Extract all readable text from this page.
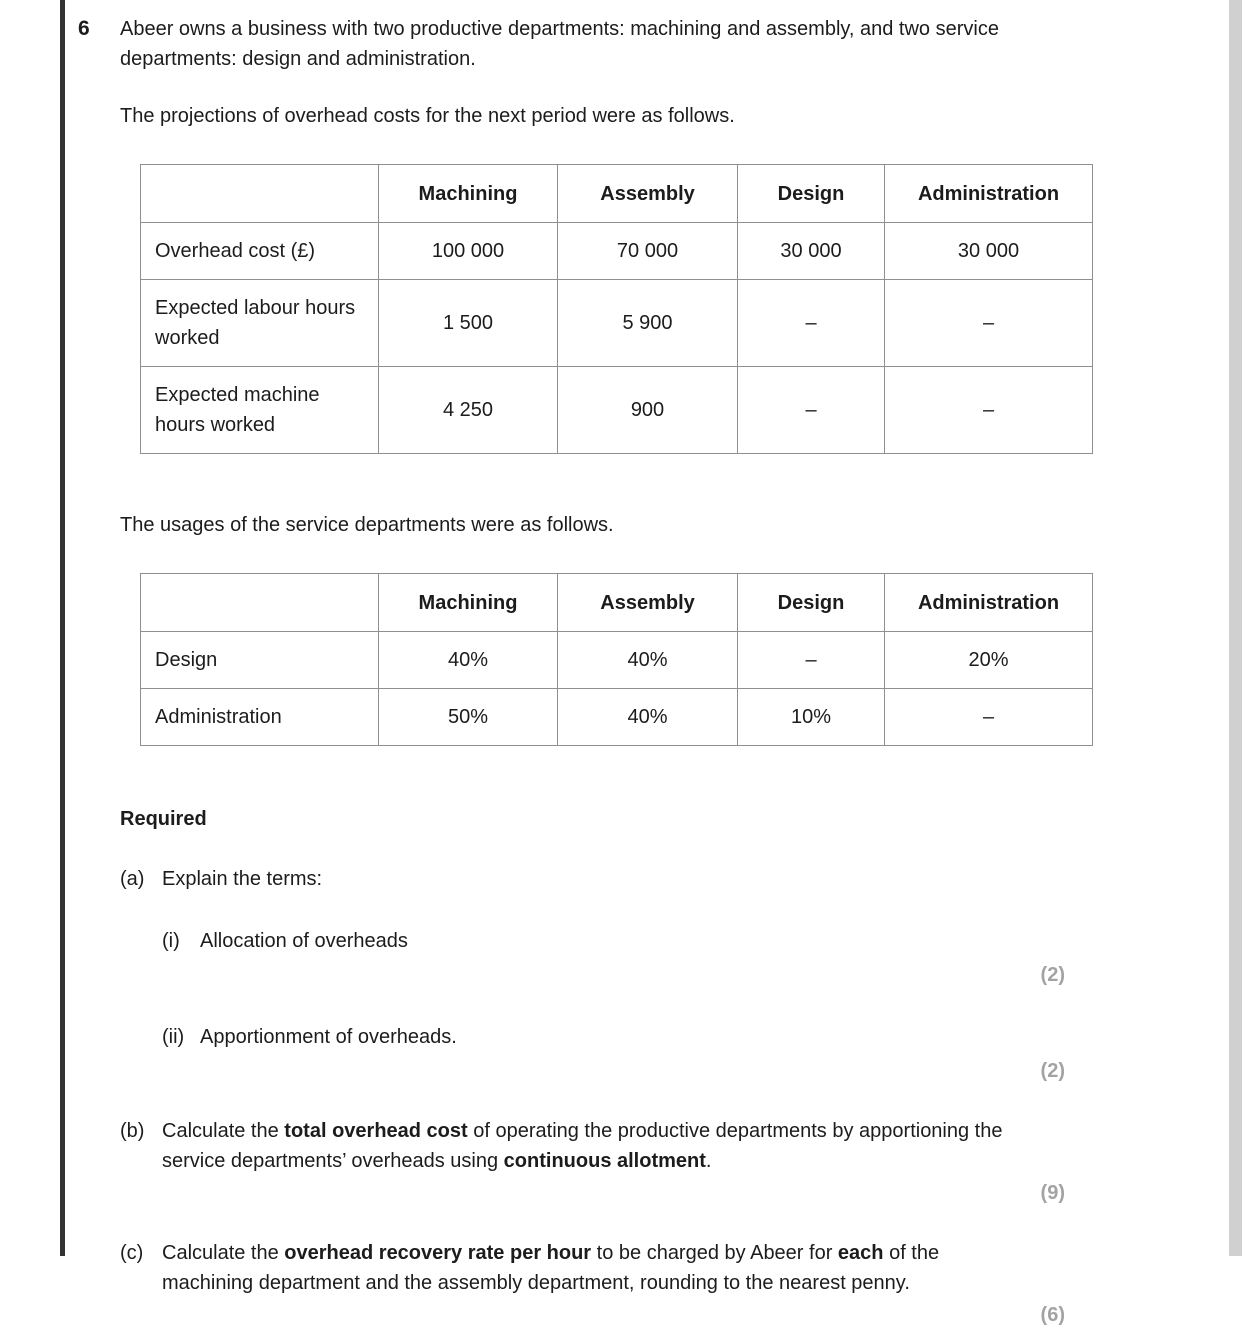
6	Abeer owns a business with two productive departments: machining and assembly, and two service departments: design and administration.

The projections of overhead costs for the next period were as follows.

	Machining	Assembly	Design	Administration
Overhead cost (£)	100 000	70 000	30 000	30 000
Expected labour hours worked	1 500	5 900	–	–
Expected machine hours worked	4 250	900	–	–

The usages of the service departments were as follows.

	Machining	Assembly	Design	Administration
Design	40%	40%	–	20%
Administration	50%	40%	10%	–

Required

(a) Explain the terms:
(i)	Allocation of overheads
(2)
(ii) Apportionment of overheads.
(2)
(b) Calculate the total overhead cost of operating the productive departments by apportioning the service departments’ overheads using continuous allotment.
(9)
(c) Calculate the overhead recovery rate per hour to be charged by Abeer for each of the machining department and the assembly department, rounding to the nearest penny.
(6)
